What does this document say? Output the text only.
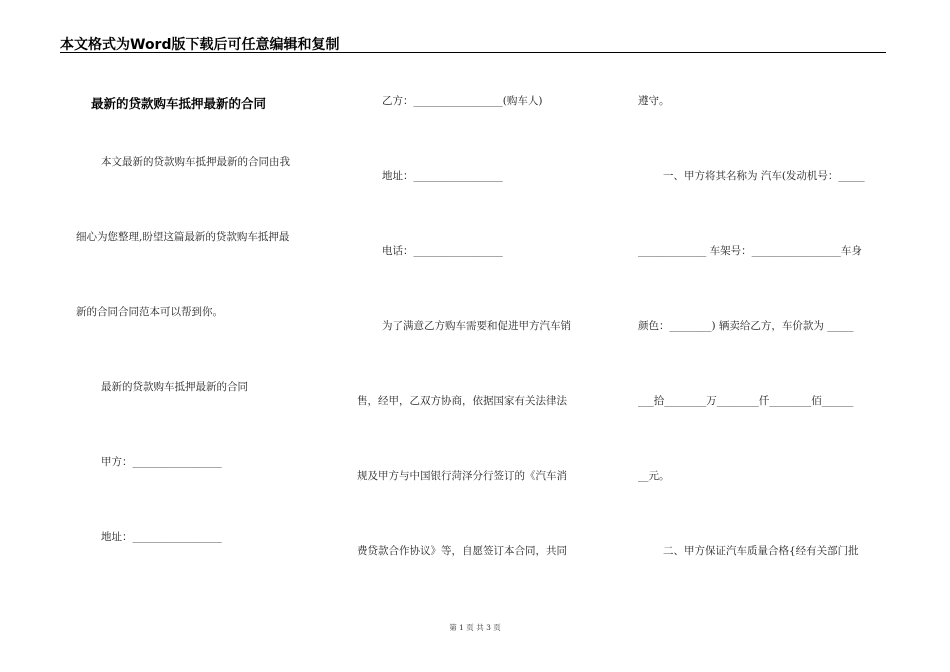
本文格式为Word版下载后可任意编辑和复制
最新的贷款购车抵押最新的合同
本文最新的贷款购车抵押最新的合同由我
细心为您整理,盼望这篇最新的贷款购车抵押最
新的合同合同范本可以帮到你。
最新的贷款购车抵押最新的合同
甲方：_________________
地址：_________________
乙方：_________________(购车人)
地址：_________________
电话：_________________
为了满意乙方购车需要和促进甲方汽车销
售，经甲，乙双方协商，依据国家有关法律法
规及甲方与中国银行菏泽分行签订的《汽车消
费贷款合作协议》等，自愿签订本合同，共同
遵守。
一、甲方将其名称为 汽车(发动机号：_____
_____________ 车架号：_________________车身
颜色：________) 辆卖给乙方，车价款为 _____
___拾________万________仟________佰______
__元。
二、甲方保证汽车质量合格{经有关部门批
第 1 页 共 3 页
